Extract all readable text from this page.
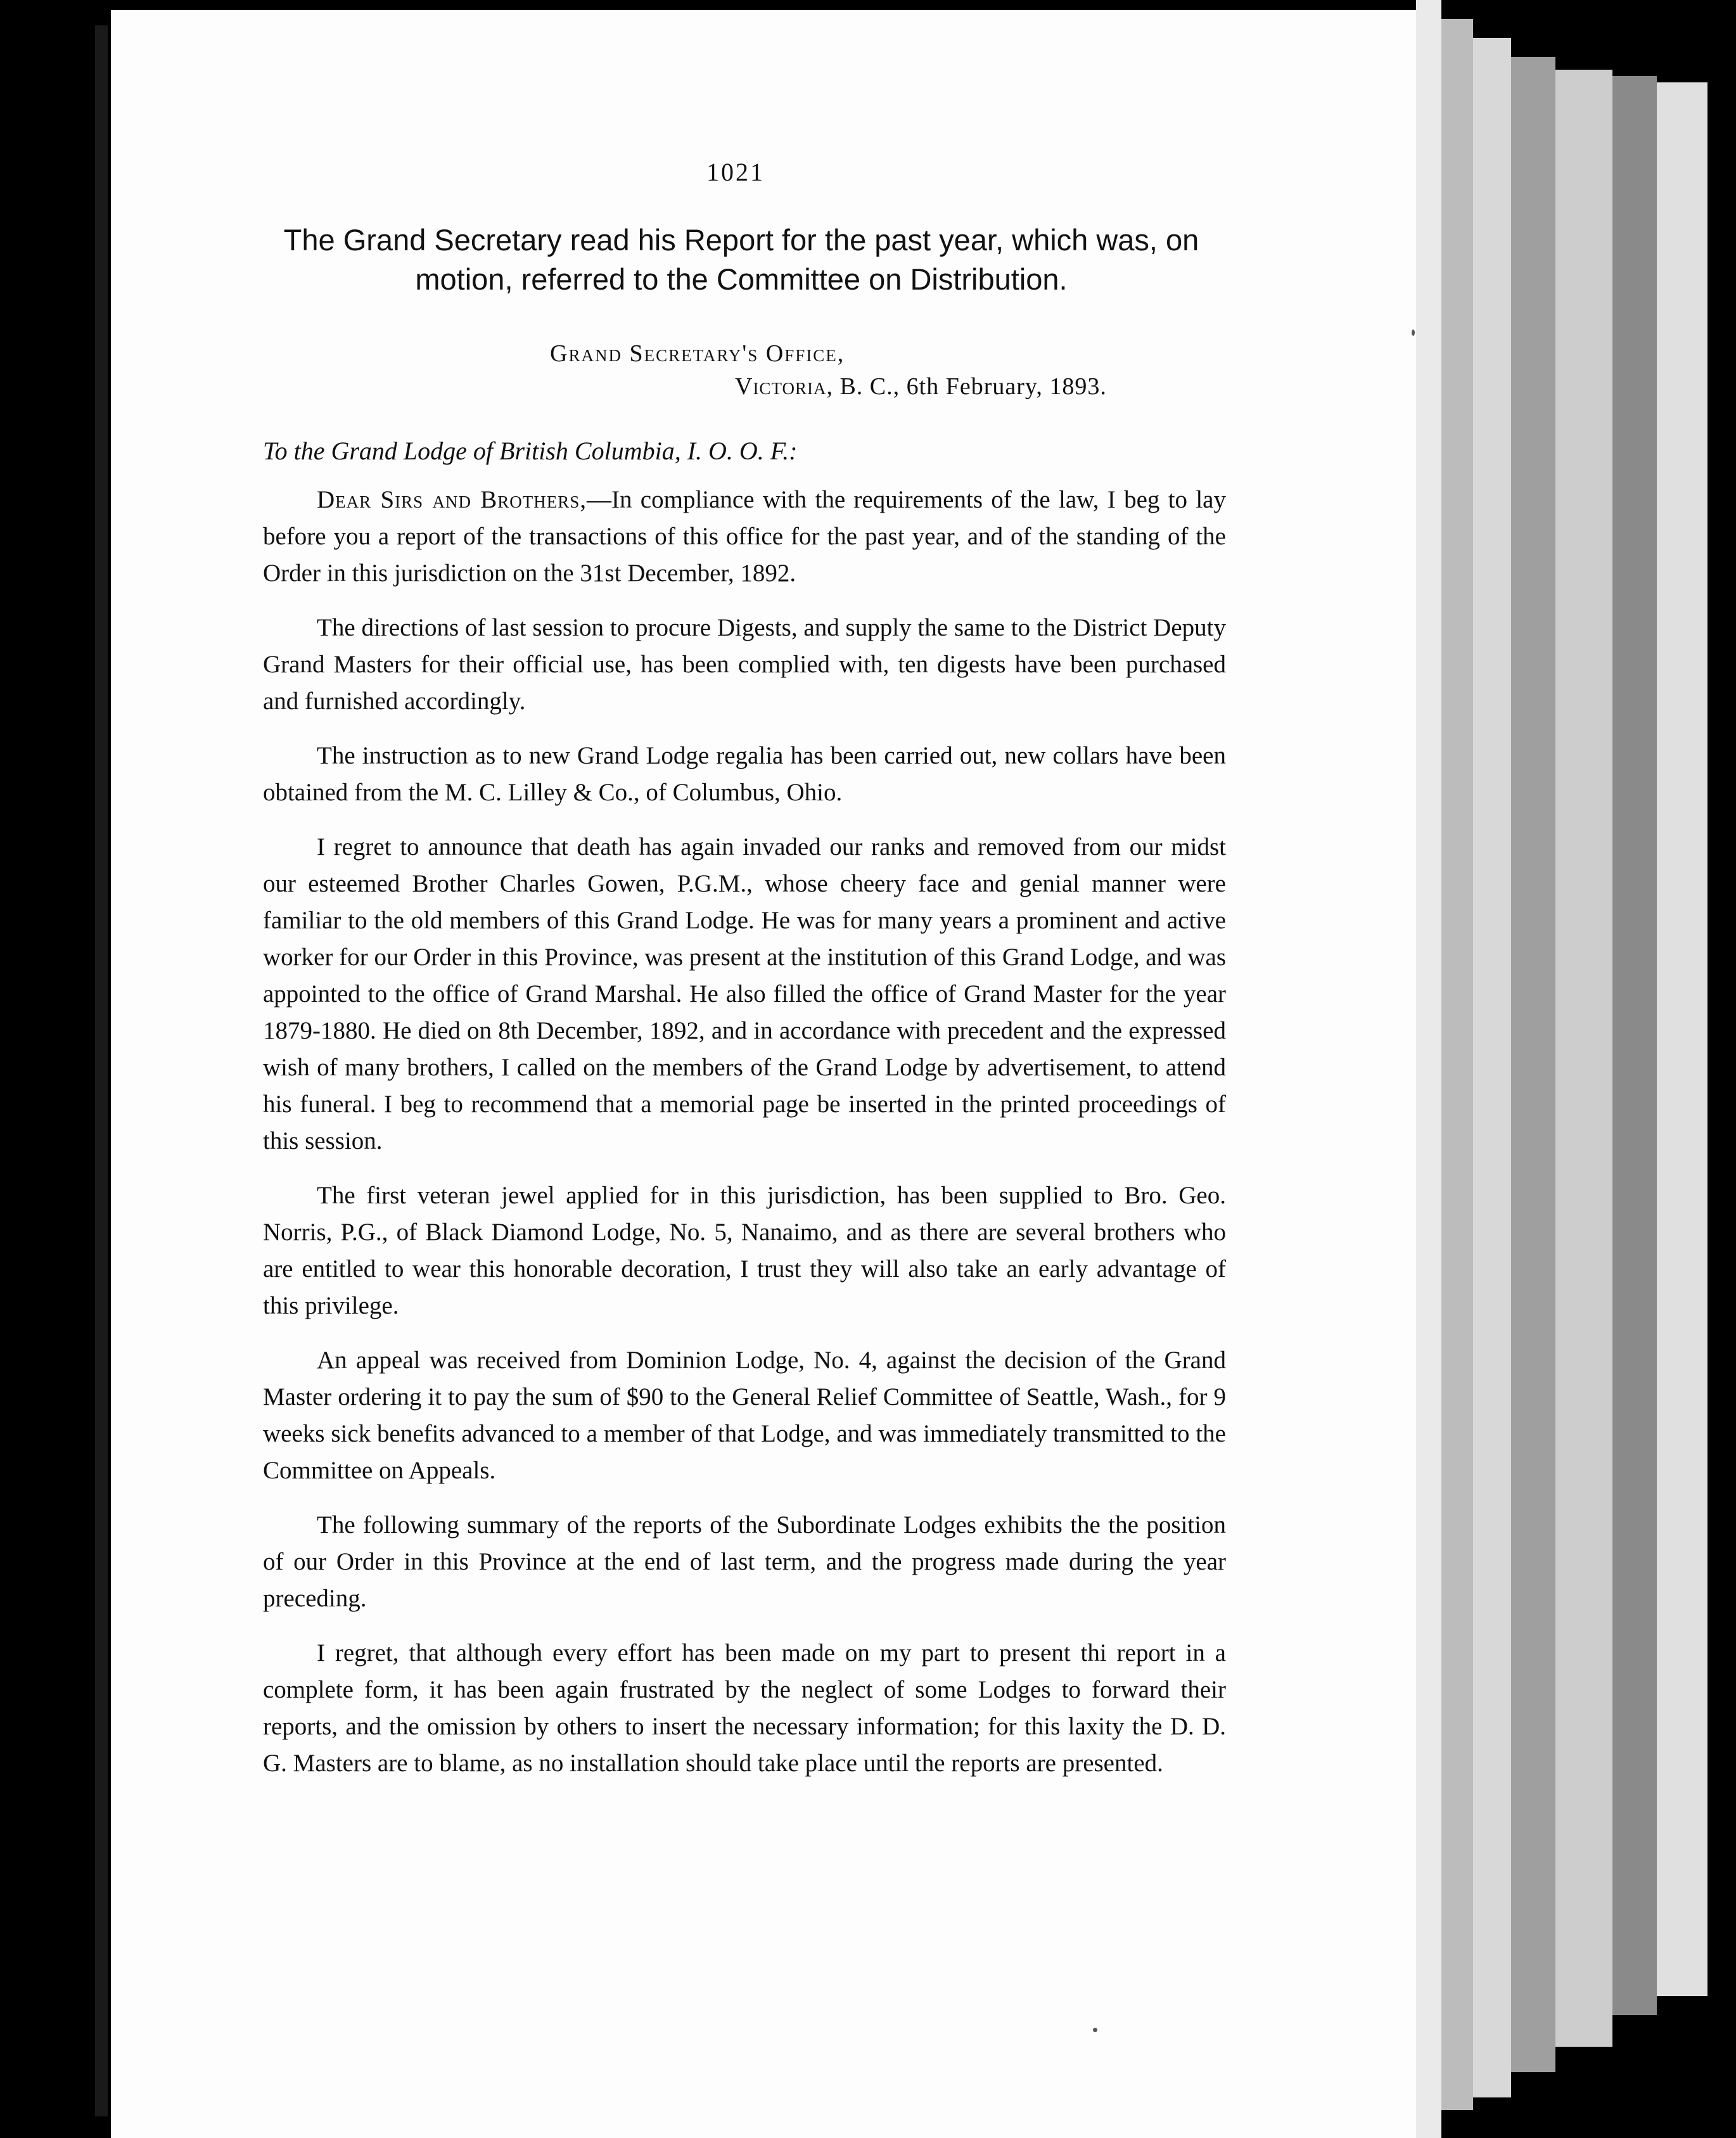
1021
The Grand Secretary read his Report for the past year, which was, on motion, referred to the Committee on Distribution.
Grand Secretary's Office,
Victoria, B. C., 6th February, 1893.
To the Grand Lodge of British Columbia, I. O. O. F.:

Dear Sirs and Brothers,—In compliance with the requirements of the law, I beg to lay before you a report of the transactions of this office for the past year, and of the standing of the Order in this jurisdiction on the 31st December, 1892.

The directions of last session to procure Digests, and supply the same to the District Deputy Grand Masters for their official use, has been complied with, ten digests have been purchased and furnished accordingly.

The instruction as to new Grand Lodge regalia has been carried out, new collars have been obtained from the M. C. Lilley & Co., of Columbus, Ohio.

I regret to announce that death has again invaded our ranks and removed from our midst our esteemed Brother Charles Gowen, P.G.M., whose cheery face and genial manner were familiar to the old members of this Grand Lodge. He was for many years a prominent and active worker for our Order in this Province, was present at the institution of this Grand Lodge, and was appointed to the office of Grand Marshal. He also filled the office of Grand Master for the year 1879-1880. He died on 8th December, 1892, and in accordance with precedent and the expressed wish of many brothers, I called on the members of the Grand Lodge by advertisement, to attend his funeral. I beg to recommend that a memorial page be inserted in the printed proceedings of this session.

The first veteran jewel applied for in this jurisdiction, has been supplied to Bro. Geo. Norris, P.G., of Black Diamond Lodge, No. 5, Nanaimo, and as there are several brothers who are entitled to wear this honorable decoration, I trust they will also take an early advantage of this privilege.

An appeal was received from Dominion Lodge, No. 4, against the decision of the Grand Master ordering it to pay the sum of $90 to the General Relief Committee of Seattle, Wash., for 9 weeks sick benefits advanced to a member of that Lodge, and was immediately transmitted to the Committee on Appeals.

The following summary of the reports of the Subordinate Lodges exhibits the the position of our Order in this Province at the end of last term, and the progress made during the year preceding.

I regret, that although every effort has been made on my part to present thi report in a complete form, it has been again frustrated by the neglect of some Lodges to forward their reports, and the omission by others to insert the necessary information; for this laxity the D. D. G. Masters are to blame, as no installation should take place until the reports are presented.
